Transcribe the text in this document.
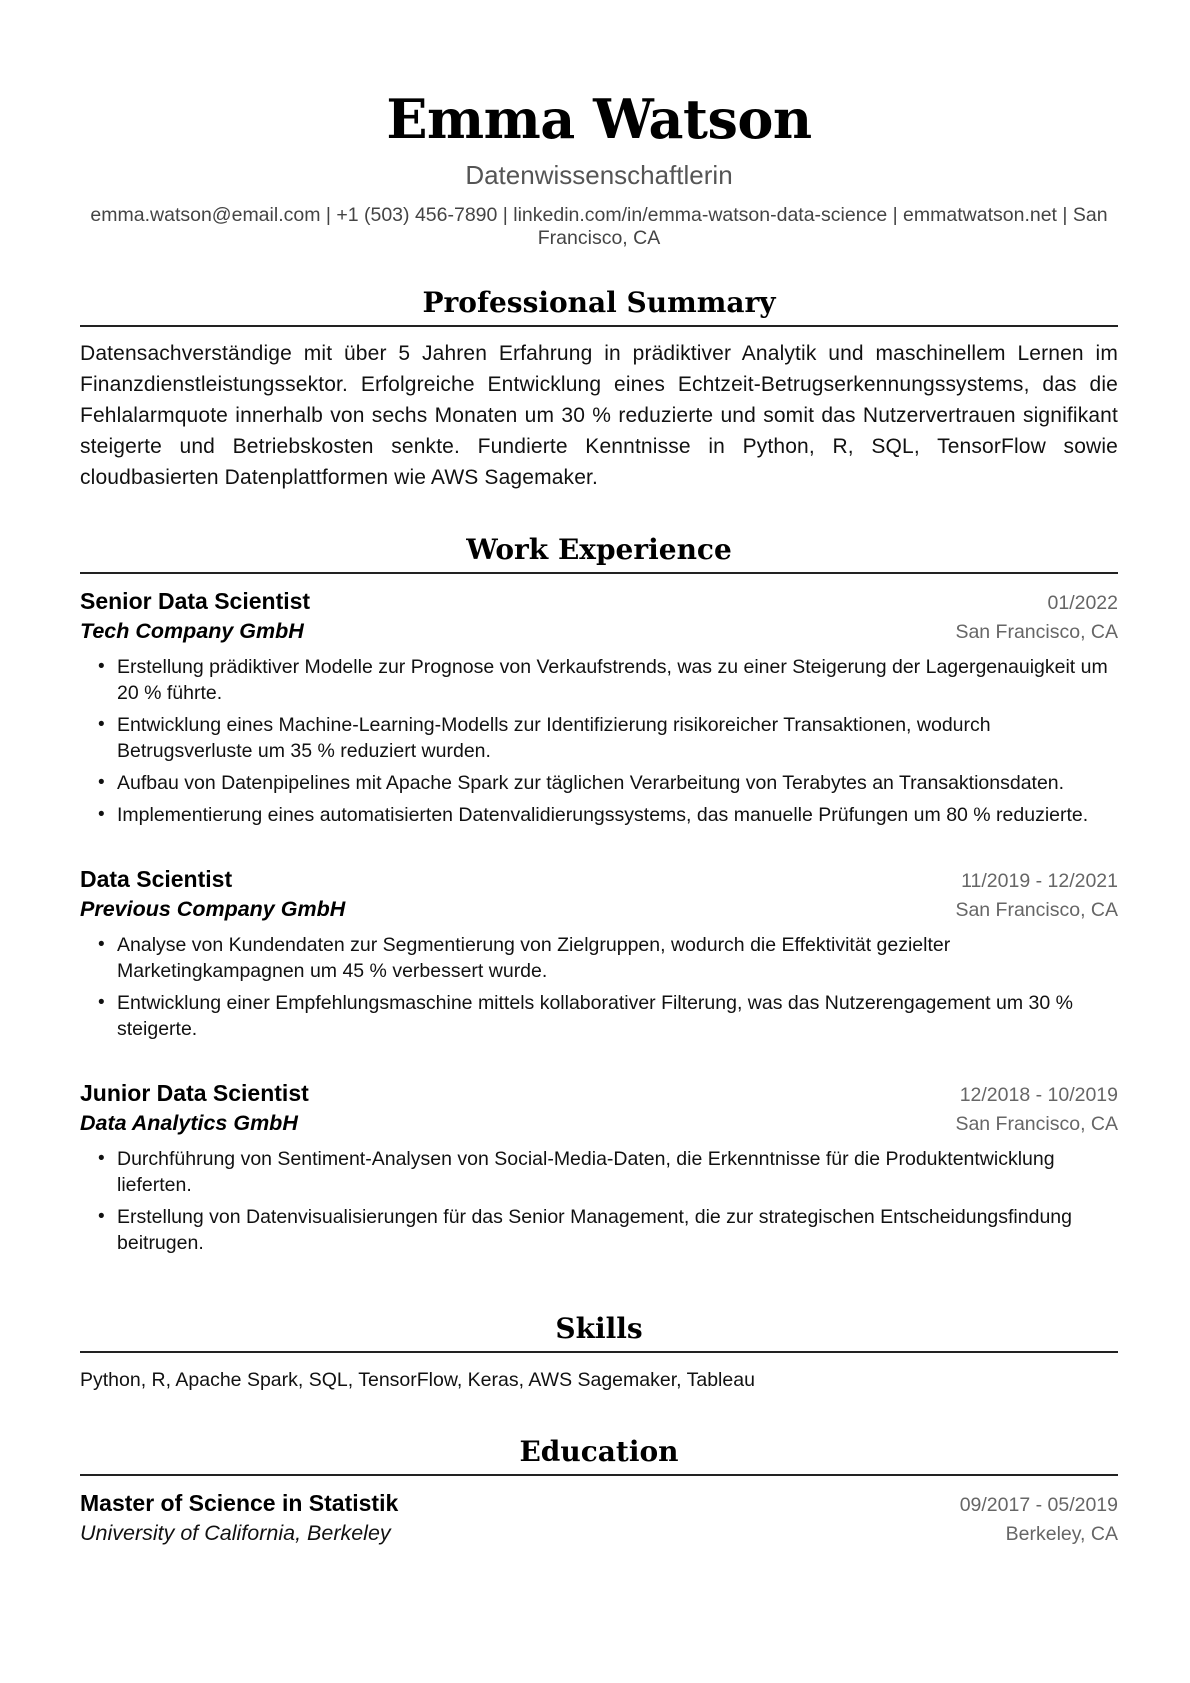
Emma Watson
Datenwissenschaftlerin
emma.watson@email.com | +1 (503) 456-7890 | linkedin.com/in/emma-watson-data-science | emmatwatson.net | San Francisco, CA
Professional Summary
Datensachverständige mit über 5 Jahren Erfahrung in prädiktiver Analytik und maschinellem Lernen im Finanzdienstleistungssektor. Erfolgreiche Entwicklung eines Echtzeit-Betrugserkennungssystems, das die Fehlalarmquote innerhalb von sechs Monaten um 30 % reduzierte und somit das Nutzervertrauen signifikant steigerte und Betriebskosten senkte. Fundierte Kenntnisse in Python, R, SQL, TensorFlow sowie cloudbasierten Datenplattformen wie AWS Sagemaker.
Work Experience
Senior Data Scientist	01/2022
Tech Company GmbH	San Francisco, CA
• Erstellung prädiktiver Modelle zur Prognose von Verkaufstrends, was zu einer Steigerung der Lagergenauigkeit um 20 % führte.
• Entwicklung eines Machine-Learning-Modells zur Identifizierung risikoreicher Transaktionen, wodurch Betrugsverluste um 35 % reduziert wurden.
• Aufbau von Datenpipelines mit Apache Spark zur täglichen Verarbeitung von Terabytes an Transaktionsdaten.
• Implementierung eines automatisierten Datenvalidierungssystems, das manuelle Prüfungen um 80 % reduzierte.
Data Scientist	11/2019 - 12/2021
Previous Company GmbH	San Francisco, CA
• Analyse von Kundendaten zur Segmentierung von Zielgruppen, wodurch die Effektivität gezielter Marketingkampagnen um 45 % verbessert wurde.
• Entwicklung einer Empfehlungsmaschine mittels kollaborativer Filterung, was das Nutzerengagement um 30 % steigerte.
Junior Data Scientist	12/2018 - 10/2019
Data Analytics GmbH	San Francisco, CA
• Durchführung von Sentiment-Analysen von Social-Media-Daten, die Erkenntnisse für die Produktentwicklung lieferten.
• Erstellung von Datenvisualisierungen für das Senior Management, die zur strategischen Entscheidungsfindung beitrugen.
Skills
Python, R, Apache Spark, SQL, TensorFlow, Keras, AWS Sagemaker, Tableau
Education
Master of Science in Statistik	09/2017 - 05/2019
University of California, Berkeley	Berkeley, CA
